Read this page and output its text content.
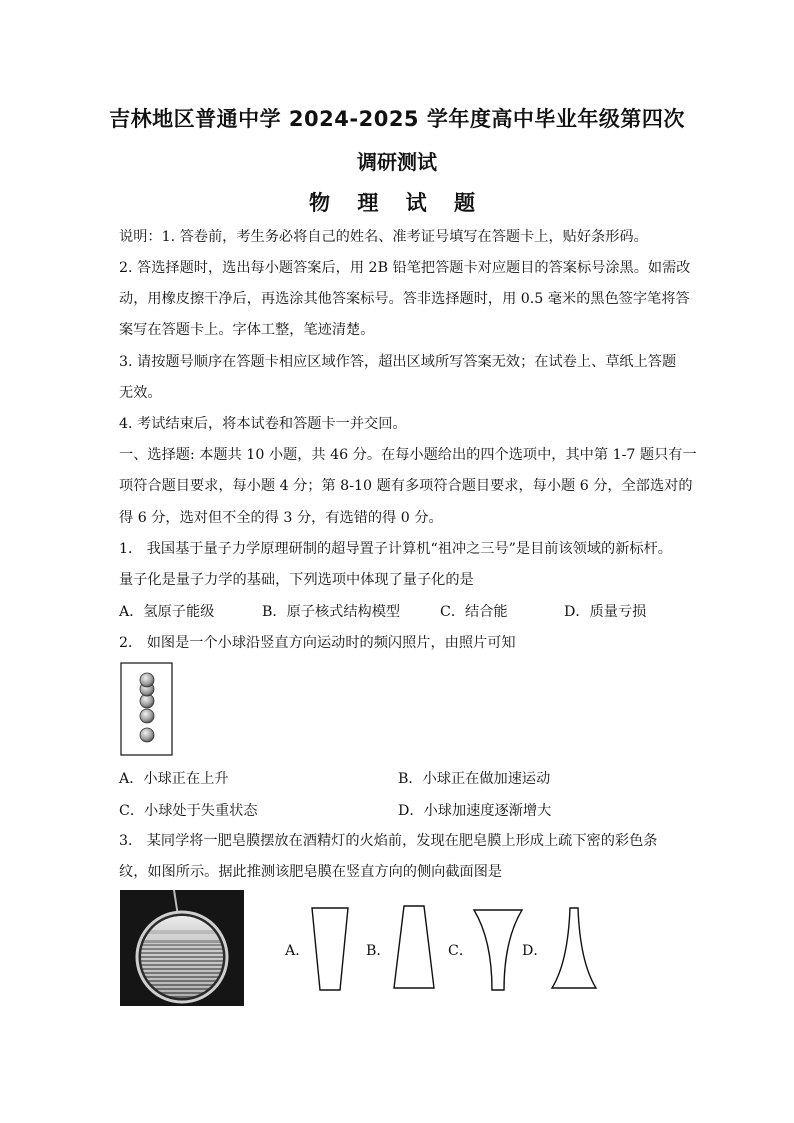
吉林地区普通中学 2024-2025 学年度高中毕业年级第四次
调研测试
物 理 试 题
说明：1. 答卷前，考生务必将自己的姓名、准考证号填写在答题卡上，贴好条形码。
2. 答选择题时，选出每小题答案后，用 2B 铅笔把答题卡对应题目的答案标号涂黑。如需改
动，用橡皮擦干净后，再选涂其他答案标号。答非选择题时，用 0.5 毫米的黑色签字笔将答
案写在答题卡上。字体工整，笔迹清楚。
3. 请按题号顺序在答题卡相应区域作答，超出区域所写答案无效；在试卷上、草纸上答题
无效。
4. 考试结束后，将本试卷和答题卡一并交回。
一、选择题: 本题共 10 小题，共 46 分。在每小题给出的四个选项中，其中第 1-7 题只有一
项符合题目要求，每小题 4 分；第 8-10 题有多项符合题目要求，每小题 6 分，全部选对的
得 6 分，选对但不全的得 3 分，有选错的得 0 分。
1． 我国基于量子力学原理研制的超导置子计算机“祖冲之三号”是目前该领域的新标杆。
量子化是量子力学的基础，下列选项中体现了量子化的是
A．氢原子能级	B．原子核式结构模型	C．结合能	D．质量亏损
2． 如图是一个小球沿竖直方向运动时的频闪照片，由照片可知
A．小球正在上升	B．小球正在做加速运动
C．小球处于失重状态	D．小球加速度逐渐增大
3． 某同学将一肥皂膜摆放在酒精灯的火焰前，发现在肥皂膜上形成上疏下密的彩色条
纹，如图所示。据此推测该肥皂膜在竖直方向的侧向截面图是
A．	B．	C．	D．
